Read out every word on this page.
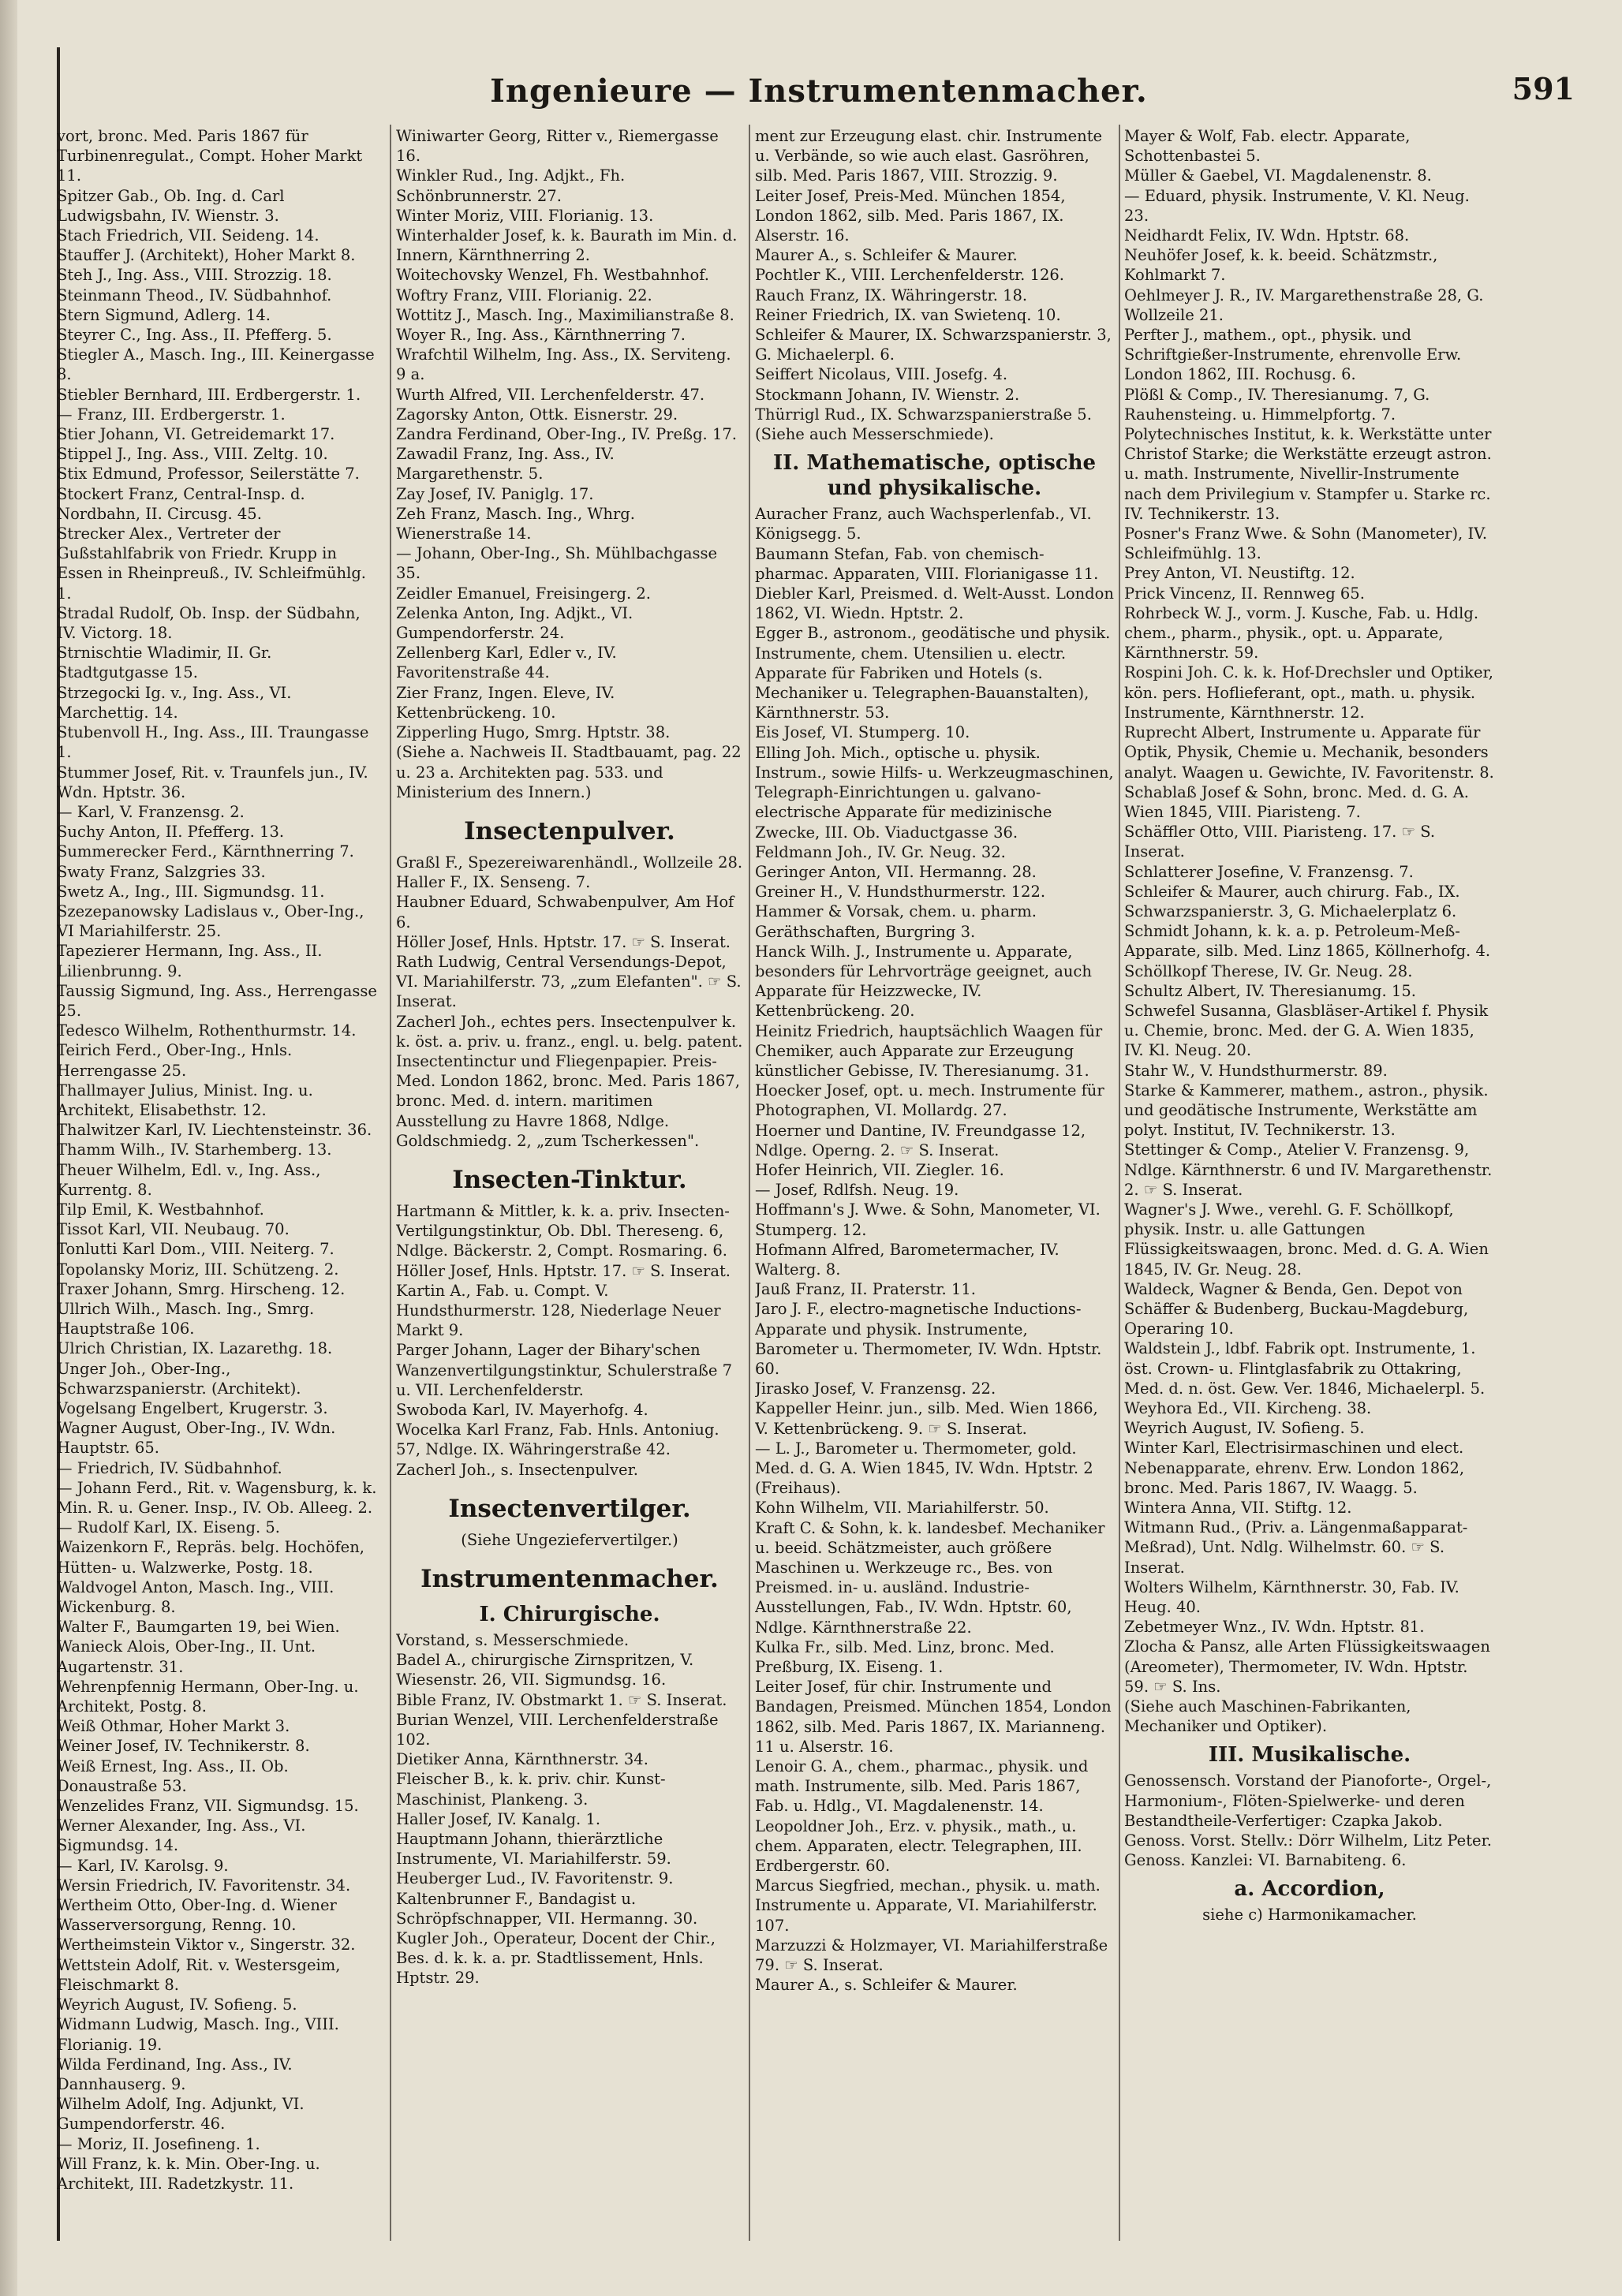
Ingenieure — Instrumentenmacher.	591

vort, bronc. Med. Paris 1867 für Turbinenregulat., Compt. Hoher Markt 11.

Spitzer Gab., Ob. Ing. d. Carl Ludwigsbahn, IV. Wienstr. 3.

Stach Friedrich, VII. Seideng. 14.

Stauffer J. (Architekt), Hoher Markt 8.

Steh J., Ing. Ass., VIII. Strozzig. 18.

Steinmann Theod., IV. Südbahnhof.

Stern Sigmund, Adlerg. 14.

Steyrer C., Ing. Ass., II. Pfefferg. 5.

Stiegler A., Masch. Ing., III. Keinergasse 8.

Stiebler Bernhard, III. Erdbergerstr. 1.

— Franz, III. Erdbergerstr. 1.

Stier Johann, VI. Getreidemarkt 17.

Stippel J., Ing. Ass., VIII. Zeltg. 10.

Stix Edmund, Professor, Seilerstätte 7.

Stockert Franz, Central-Insp. d. Nordbahn, II. Circusg. 45.

Strecker Alex., Vertreter der Gußstahlfabrik von Friedr. Krupp in Essen in Rheinpreuß., IV. Schleifmühlg. 1.

Stradal Rudolf, Ob. Insp. der Südbahn, IV. Victorg. 18.

Strnischtie Wladimir, II. Gr. Stadtgutgasse 15.

Strzegocki Ig. v., Ing. Ass., VI. Marchettig. 14.

Stubenvoll H., Ing. Ass., III. Traungasse 1.

Stummer Josef, Rit. v. Traunfels jun., IV. Wdn. Hptstr. 36.

— Karl, V. Franzensg. 2.

Suchy Anton, II. Pfefferg. 13.

Summerecker Ferd., Kärnthnerring 7.

Swaty Franz, Salzgries 33.

Swetz A., Ing., III. Sigmundsg. 11.

Szezepanowsky Ladislaus v., Ober-Ing., VI Mariahilferstr. 25.

Tapezierer Hermann, Ing. Ass., II. Lilienbrunng. 9.

Taussig Sigmund, Ing. Ass., Herrengasse 25.

Tedesco Wilhelm, Rothenthurmstr. 14.

Teirich Ferd., Ober-Ing., Hnls. Herrengasse 25.

Thallmayer Julius, Minist. Ing. u. Architekt, Elisabethstr. 12.

Thalwitzer Karl, IV. Liechtensteinstr. 36.

Thamm Wilh., IV. Starhemberg. 13.

Theuer Wilhelm, Edl. v., Ing. Ass., Kurrentg. 8.

Tilp Emil, K. Westbahnhof.

Tissot Karl, VII. Neubaug. 70.

Tonlutti Karl Dom., VIII. Neiterg. 7.

Topolansky Moriz, III. Schützeng. 2.

Traxer Johann, Smrg. Hirscheng. 12.

Ullrich Wilh., Masch. Ing., Smrg. Hauptstraße 106.

Ulrich Christian, IX. Lazarethg. 18.

Unger Joh., Ober-Ing., Schwarzspanierstr. (Architekt).

Vogelsang Engelbert, Krugerstr. 3.

Wagner August, Ober-Ing., IV. Wdn. Hauptstr. 65.

— Friedrich, IV. Südbahnhof.

— Johann Ferd., Rit. v. Wagensburg, k. k. Min. R. u. Gener. Insp., IV. Ob. Alleeg. 2.

— Rudolf Karl, IX. Eiseng. 5.

Waizenkorn F., Repräs. belg. Hochöfen, Hütten- u. Walzwerke, Postg. 18.

Waldvogel Anton, Masch. Ing., VIII. Wickenburg. 8.

Walter F., Baumgarten 19, bei Wien.

Wanieck Alois, Ober-Ing., II. Unt. Augartenstr. 31.

Wehrenpfennig Hermann, Ober-Ing. u. Architekt, Postg. 8.

Weiß Othmar, Hoher Markt 3.

Weiner Josef, IV. Technikerstr. 8.

Weiß Ernest, Ing. Ass., II. Ob. Donaustraße 53.

Wenzelides Franz, VII. Sigmundsg. 15.

Werner Alexander, Ing. Ass., VI. Sigmundsg. 14.

— Karl, IV. Karolsg. 9.

Wersin Friedrich, IV. Favoritenstr. 34.

Wertheim Otto, Ober-Ing. d. Wiener Wasserversorgung, Renng. 10.

Wertheimstein Viktor v., Singerstr. 32.

Wettstein Adolf, Rit. v. Westersgeim, Fleischmarkt 8.

Weyrich August, IV. Sofieng. 5.

Widmann Ludwig, Masch. Ing., VIII. Florianig. 19.

Wilda Ferdinand, Ing. Ass., IV. Dannhauserg. 9.

Wilhelm Adolf, Ing. Adjunkt, VI. Gumpendorferstr. 46.

— Moriz, II. Josefineng. 1.

Will Franz, k. k. Min. Ober-Ing. u. Architekt, III. Radetzkystr. 11.

Winiwarter Georg, Ritter v., Riemergasse 16.

Winkler Rud., Ing. Adjkt., Fh. Schönbrunnerstr. 27.

Winter Moriz, VIII. Florianig. 13.

Winterhalder Josef, k. k. Baurath im Min. d. Innern, Kärnthnerring 2.

Woitechovsky Wenzel, Fh. Westbahnhof.

Woftry Franz, VIII. Florianig. 22.

Wottitz J., Masch. Ing., Maximilianstraße 8.

Woyer R., Ing. Ass., Kärnthnerring 7.

Wrafchtil Wilhelm, Ing. Ass., IX. Serviteng. 9 a.

Wurth Alfred, VII. Lerchenfelderstr. 47.

Zagorsky Anton, Ottk. Eisnerstr. 29.

Zandra Ferdinand, Ober-Ing., IV. Preßg. 17.

Zawadil Franz, Ing. Ass., IV. Margarethenstr. 5.

Zay Josef, IV. Paniglg. 17.

Zeh Franz, Masch. Ing., Whrg. Wienerstraße 14.

— Johann, Ober-Ing., Sh. Mühlbachgasse 35.

Zeidler Emanuel, Freisingerg. 2.

Zelenka Anton, Ing. Adjkt., VI. Gumpendorferstr. 24.

Zellenberg Karl, Edler v., IV. Favoritenstraße 44.

Zier Franz, Ingen. Eleve, IV. Kettenbrückeng. 10.

Zipperling Hugo, Smrg. Hptstr. 38.

(Siehe a. Nachweis II. Stadtbauamt, pag. 22 u. 23 a. Architekten pag. 533. und Ministerium des Innern.)

Insectenpulver.

Graßl F., Spezereiwarenhändl., Wollzeile 28.

Haller F., IX. Senseng. 7.

Haubner Eduard, Schwabenpulver, Am Hof 6.

Höller Josef, Hnls. Hptstr. 17. ☞ S. Inserat.

Rath Ludwig, Central Versendungs-Depot, VI. Mariahilferstr. 73, „zum Elefanten". ☞ S. Inserat.

Zacherl Joh., echtes pers. Insectenpulver k. k. öst. a. priv. u. franz., engl. u. belg. patent. Insectentinctur und Fliegenpapier. Preis-Med. London 1862, bronc. Med. Paris 1867, bronc. Med. d. intern. maritimen Ausstellung zu Havre 1868, Ndlge. Goldschmiedg. 2, „zum Tscherkessen".

Insecten-Tinktur.

Hartmann & Mittler, k. k. a. priv. Insecten-Vertilgungstinktur, Ob. Dbl. Thereseng. 6, Ndlge. Bäckerstr. 2, Compt. Rosmaring. 6.

Höller Josef, Hnls. Hptstr. 17. ☞ S. Inserat.

Kartin A., Fab. u. Compt. V. Hundsthurmerstr. 128, Niederlage Neuer Markt 9.

Parger Johann, Lager der Bihary'schen Wanzenvertilgungstinktur, Schulerstraße 7 u. VII. Lerchenfelderstr.

Swoboda Karl, IV. Mayerhofg. 4.

Wocelka Karl Franz, Fab. Hnls. Antoniug. 57, Ndlge. IX. Währingerstraße 42.

Zacherl Joh., s. Insectenpulver.

Insectenvertilger.
(Siehe Ungeziefervertilger.)
Instrumentenmacher.
I. Chirurgische.

Vorstand, s. Messerschmiede.

Badel A., chirurgische Zirnspritzen, V. Wiesenstr. 26, VII. Sigmundsg. 16.

Bible Franz, IV. Obstmarkt 1. ☞ S. Inserat.

Burian Wenzel, VIII. Lerchenfelderstraße 102.

Dietiker Anna, Kärnthnerstr. 34.

Fleischer B., k. k. priv. chir. Kunst-Maschinist, Plankeng. 3.

Haller Josef, IV. Kanalg. 1.

Hauptmann Johann, thierärztliche Instrumente, VI. Mariahilferstr. 59.

Heuberger Lud., IV. Favoritenstr. 9.

Kaltenbrunner F., Bandagist u. Schröpfschnapper, VII. Hermanng. 30.

Kugler Joh., Operateur, Docent der Chir., Bes. d. k. k. a. pr. Stadtlissement, Hnls. Hptstr. 29.

ment zur Erzeugung elast. chir. Instrumente u. Verbände, so wie auch elast. Gasröhren, silb. Med. Paris 1867, VIII. Strozzig. 9.

Leiter Josef, Preis-Med. München 1854, London 1862, silb. Med. Paris 1867, IX. Alserstr. 16.

Maurer A., s. Schleifer & Maurer.

Pochtler K., VIII. Lerchenfelderstr. 126.

Rauch Franz, IX. Währingerstr. 18.

Reiner Friedrich, IX. van Swietenq. 10.

Schleifer & Maurer, IX. Schwarzspanierstr. 3, G. Michaelerpl. 6.

Seiffert Nicolaus, VIII. Josefg. 4.

Stockmann Johann, IV. Wienstr. 2.

Thürrigl Rud., IX. Schwarzspanierstraße 5.

(Siehe auch Messerschmiede).

II. Mathematische, optische und physikalische.

Auracher Franz, auch Wachsperlenfab., VI. Königsegg. 5.

Baumann Stefan, Fab. von chemisch-pharmac. Apparaten, VIII. Florianigasse 11.

Diebler Karl, Preismed. d. Welt-Ausst. London 1862, VI. Wiedn. Hptstr. 2.

Egger B., astronom., geodätische und physik. Instrumente, chem. Utensilien u. electr. Apparate für Fabriken und Hotels (s. Mechaniker u. Telegraphen-Bauanstalten), Kärnthnerstr. 53.

Eis Josef, VI. Stumperg. 10.

Elling Joh. Mich., optische u. physik. Instrum., sowie Hilfs- u. Werkzeugmaschinen, Telegraph-Einrichtungen u. galvano-electrische Apparate für medizinische Zwecke, III. Ob. Viaductgasse 36.

Feldmann Joh., IV. Gr. Neug. 32.

Geringer Anton, VII. Hermanng. 28.

Greiner H., V. Hundsthurmerstr. 122.

Hammer & Vorsak, chem. u. pharm. Geräthschaften, Burgring 3.

Hanck Wilh. J., Instrumente u. Apparate, besonders für Lehrvorträge geeignet, auch Apparate für Heizzwecke, IV. Kettenbrückeng. 20.

Heinitz Friedrich, hauptsächlich Waagen für Chemiker, auch Apparate zur Erzeugung künstlicher Gebisse, IV. Theresianumg. 31.

Hoecker Josef, opt. u. mech. Instrumente für Photographen, VI. Mollardg. 27.

Hoerner und Dantine, IV. Freundgasse 12, Ndlge. Operng. 2. ☞ S. Inserat.

Hofer Heinrich, VII. Ziegler. 16.

— Josef, Rdlfsh. Neug. 19.

Hoffmann's J. Wwe. & Sohn, Manometer, VI. Stumperg. 12.

Hofmann Alfred, Barometermacher, IV. Walterg. 8.

Jauß Franz, II. Praterstr. 11.

Jaro J. F., electro-magnetische Inductions-Apparate und physik. Instrumente, Barometer u. Thermometer, IV. Wdn. Hptstr. 60.

Jirasko Josef, V. Franzensg. 22.

Kappeller Heinr. jun., silb. Med. Wien 1866, V. Kettenbrückeng. 9. ☞ S. Inserat.

— L. J., Barometer u. Thermometer, gold. Med. d. G. A. Wien 1845, IV. Wdn. Hptstr. 2 (Freihaus).

Kohn Wilhelm, VII. Mariahilferstr. 50.

Kraft C. & Sohn, k. k. landesbef. Mechaniker u. beeid. Schätzmeister, auch größere Maschinen u. Werkzeuge rc., Bes. von Preismed. in- u. ausländ. Industrie-Ausstellungen, Fab., IV. Wdn. Hptstr. 60, Ndlge. Kärnthnerstraße 22.

Kulka Fr., silb. Med. Linz, bronc. Med. Preßburg, IX. Eiseng. 1.

Leiter Josef, für chir. Instrumente und Bandagen, Preismed. München 1854, London 1862, silb. Med. Paris 1867, IX. Marianneng. 11 u. Alserstr. 16.

Lenoir G. A., chem., pharmac., physik. und math. Instrumente, silb. Med. Paris 1867, Fab. u. Hdlg., VI. Magdalenenstr. 14.

Leopoldner Joh., Erz. v. physik., math., u. chem. Apparaten, electr. Telegraphen, III. Erdbergerstr. 60.

Marcus Siegfried, mechan., physik. u. math. Instrumente u. Apparate, VI. Mariahilferstr. 107.

Marzuzzi & Holzmayer, VI. Mariahilferstraße 79. ☞ S. Inserat.

Maurer A., s. Schleifer & Maurer.

Mayer & Wolf, Fab. electr. Apparate, Schottenbastei 5.

Müller & Gaebel, VI. Magdalenenstr. 8.

— Eduard, physik. Instrumente, V. Kl. Neug. 23.

Neidhardt Felix, IV. Wdn. Hptstr. 68.

Neuhöfer Josef, k. k. beeid. Schätzmstr., Kohlmarkt 7.

Oehlmeyer J. R., IV. Margarethenstraße 28, G. Wollzeile 21.

Perfter J., mathem., opt., physik. und Schriftgießer-Instrumente, ehrenvolle Erw. London 1862, III. Rochusg. 6.

Plößl & Comp., IV. Theresianumg. 7, G. Rauhensteing. u. Himmelpfortg. 7.

Polytechnisches Institut, k. k. Werkstätte unter Christof Starke; die Werkstätte erzeugt astron. u. math. Instrumente, Nivellir-Instrumente nach dem Privilegium v. Stampfer u. Starke rc. IV. Technikerstr. 13.

Posner's Franz Wwe. & Sohn (Manometer), IV. Schleifmühlg. 13.

Prey Anton, VI. Neustiftg. 12.

Prick Vincenz, II. Rennweg 65.

Rohrbeck W. J., vorm. J. Kusche, Fab. u. Hdlg. chem., pharm., physik., opt. u. Apparate, Kärnthnerstr. 59.

Rospini Joh. C. k. k. Hof-Drechsler und Optiker, kön. pers. Hoflieferant, opt., math. u. physik. Instrumente, Kärnthnerstr. 12.

Ruprecht Albert, Instrumente u. Apparate für Optik, Physik, Chemie u. Mechanik, besonders analyt. Waagen u. Gewichte, IV. Favoritenstr. 8.

Schablaß Josef & Sohn, bronc. Med. d. G. A. Wien 1845, VIII. Piaristeng. 7.

Schäffler Otto, VIII. Piaristeng. 17. ☞ S. Inserat.

Schlatterer Josefine, V. Franzensg. 7.

Schleifer & Maurer, auch chirurg. Fab., IX. Schwarzspanierstr. 3, G. Michaelerplatz 6.

Schmidt Johann, k. k. a. p. Petroleum-Meß-Apparate, silb. Med. Linz 1865, Köllnerhofg. 4.

Schöllkopf Therese, IV. Gr. Neug. 28.

Schultz Albert, IV. Theresianumg. 15.

Schwefel Susanna, Glasbläser-Artikel f. Physik u. Chemie, bronc. Med. der G. A. Wien 1835, IV. Kl. Neug. 20.

Stahr W., V. Hundsthurmerstr. 89.

Starke & Kammerer, mathem., astron., physik. und geodätische Instrumente, Werkstätte am polyt. Institut, IV. Technikerstr. 13.

Stettinger & Comp., Atelier V. Franzensg. 9, Ndlge. Kärnthnerstr. 6 und IV. Margarethenstr. 2. ☞ S. Inserat.

Wagner's J. Wwe., verehl. G. F. Schöllkopf, physik. Instr. u. alle Gattungen Flüssigkeitswaagen, bronc. Med. d. G. A. Wien 1845, IV. Gr. Neug. 28.

Waldeck, Wagner & Benda, Gen. Depot von Schäffer & Budenberg, Buckau-Magdeburg, Operaring 10.

Waldstein J., ldbf. Fabrik opt. Instrumente, 1. öst. Crown- u. Flintglasfabrik zu Ottakring, Med. d. n. öst. Gew. Ver. 1846, Michaelerpl. 5.

Weyhora Ed., VII. Kircheng. 38.

Weyrich August, IV. Sofieng. 5.

Winter Karl, Electrisirmaschinen und elect. Nebenapparate, ehrenv. Erw. London 1862, bronc. Med. Paris 1867, IV. Waagg. 5.

Wintera Anna, VII. Stiftg. 12.

Witmann Rud., (Priv. a. Längenmaßapparat-Meßrad), Unt. Ndlg. Wilhelmstr. 60. ☞ S. Inserat.

Wolters Wilhelm, Kärnthnerstr. 30, Fab. IV. Heug. 40.

Zebetmeyer Wnz., IV. Wdn. Hptstr. 81.

Zlocha & Pansz, alle Arten Flüssigkeitswaagen (Areometer), Thermometer, IV. Wdn. Hptstr. 59. ☞ S. Ins.

(Siehe auch Maschinen-Fabrikanten, Mechaniker und Optiker).

III. Musikalische.

Genossensch. Vorstand der Pianoforte-, Orgel-, Harmonium-, Flöten-Spielwerke- und deren Bestandtheile-Verfertiger: Czapka Jakob.

Genoss. Vorst. Stellv.: Dörr Wilhelm, Litz Peter.

Genoss. Kanzlei: VI. Barnabiteng. 6.

a. Accordion,
siehe c) Harmonikamacher.
